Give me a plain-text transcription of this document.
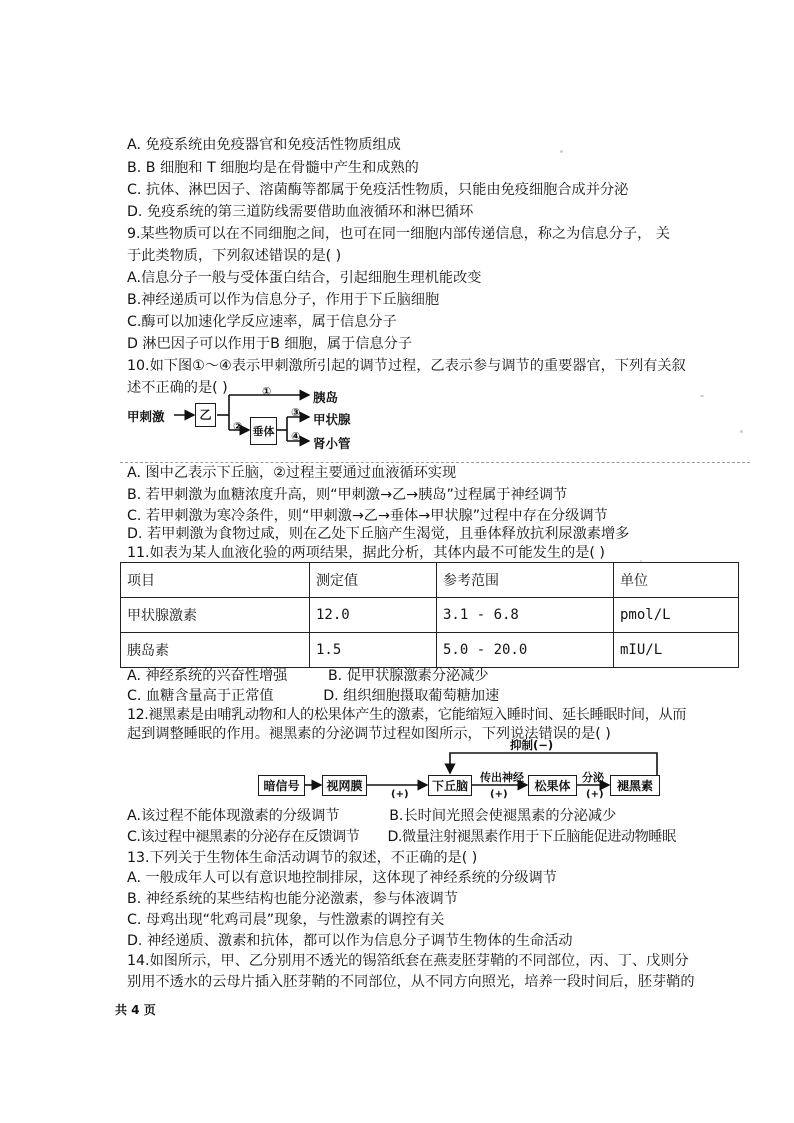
A. 免疫系统由免疫器官和免疫活性物质组成
B. B 细胞和 T 细胞均是在骨髓中产生和成熟的
C. 抗体、淋巴因子、溶菌酶等都属于免疫活性物质，只能由免疫细胞合成并分泌
D. 免疫系统的第三道防线需要借助血液循环和淋巴循环
9.某些物质可以在不同细胞之间，也可在同一细胞内部传递信息，称之为信息分子， 关
于此类物质，下列叙述错误的是( )
A.信息分子一般与受体蛋白结合，引起细胞生理机能改变
B.神经递质可以作为信息分子，作用于下丘脑细胞
C.酶可以加速化学反应速率，属于信息分子
D 淋巴因子可以作用于B 细胞，属于信息分子
10.如下图①～④表示甲刺激所引起的调节过程，乙表示参与调节的重要器官，下列有关叙
述不正确的是( )
甲刺激	乙
垂体
①
②
③
④
胰岛
甲状腺
肾小管
A. 图中乙表示下丘脑，②过程主要通过血液循环实现
B. 若甲刺激为血糖浓度升高，则“甲刺激→乙→胰岛”过程属于神经调节
C. 若甲刺激为寒冷条件，则“甲刺激→乙→垂体→甲状腺”过程中存在分级调节
D. 若甲刺激为食物过咸，则在乙处下丘脑产生渴觉，且垂体释放抗利尿激素增多
11.如表为某人血液化验的两项结果，据此分析，其体内最不可能发生的是( )
项目	测定值	参考范围	单位
甲状腺激素	12.0	3.1 - 6.8	pmol/L
胰岛素	1.5	5.0 - 20.0	mIU/L
A. 神经系统的兴奋性增强         B. 促甲状腺激素分泌减少
C. 血糖含量高于正常值           D. 组织细胞摄取葡萄糖加速
12.褪黑素是由哺乳动物和人的松果体产生的激素，它能缩短入睡时间、延长睡眠时间，从而
起到调整睡眠的作用。褪黑素的分泌调节过程如图所示，下列说法错误的是( )
暗信号	视网膜	下丘脑	松果体	褪黑素
抑制(−)
传出神经	分泌
(+)	(+)	(+)
A.该过程不能体现激素的分级调节           B.长时间光照会使褪黑素的分泌减少
C.该过程中褪黑素的分泌存在反馈调节       D.微量注射褪黑素作用于下丘脑能促进动物睡眠
13.下列关于生物体生命活动调节的叙述，不正确的是( )
A. 一般成年人可以有意识地控制排尿，这体现了神经系统的分级调节
B. 神经系统的某些结构也能分泌激素，参与体液调节
C. 母鸡出现“牝鸡司晨”现象，与性激素的调控有关
D. 神经递质、激素和抗体，都可以作为信息分子调节生物体的生命活动
14.如图所示，甲、乙分别用不透光的锡箔纸套在燕麦胚芽鞘的不同部位，丙、丁、戊则分
别用不透水的云母片插入胚芽鞘的不同部位，从不同方向照光，培养一段时间后，胚芽鞘的
共 4 页
